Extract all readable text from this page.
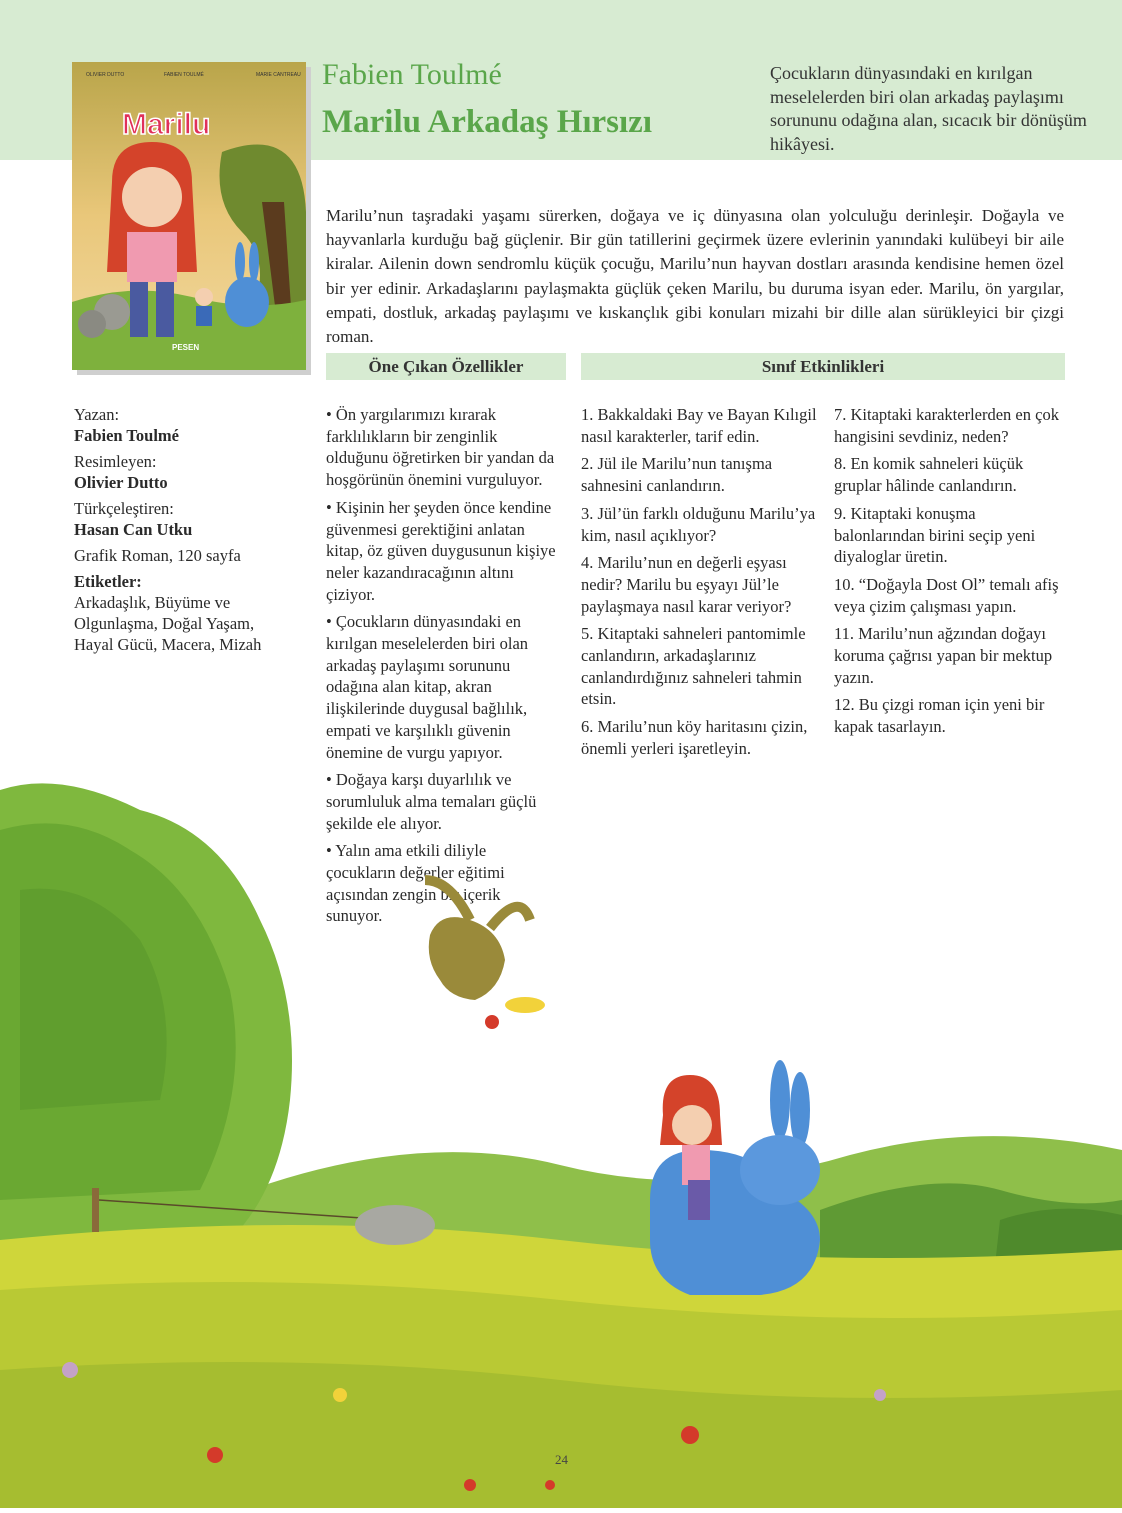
OLIVIER DUTTO	FABIEN TOULMÉ	MARIE CANTREAU
Marilu
PESEN
Fabien Toulmé
Marilu Arkadaş Hırsızı

Çocukların dünyasındaki en kırılgan meselelerden biri olan arkadaş paylaşımı sorununu odağına alan, sıcacık bir dönüşüm hikâyesi.

Marilu’nun taşradaki yaşamı sürerken, doğaya ve iç dünyasına olan yolculuğu derinleşir. Doğayla ve hayvanlarla kurduğu bağ güçlenir. Bir gün tatillerini geçirmek üzere evlerinin yanındaki kulübeyi bir aile kiralar. Ailenin down sendromlu küçük çocuğu, Marilu’nun hayvan dostları arasında kendisine hemen özel bir yer edinir. Arkadaşlarını paylaşmakta güçlük çeken Marilu, bu duruma isyan eder. Marilu, ön yargılar, empati, dostluk, arkadaş paylaşımı ve kıskançlık gibi konuları mizahi bir dille alan sürükleyici bir çizgi roman.

Öne Çıkan Özellikler	Sınıf Etkinlikleri
Yazan:
Fabien Toulmé
Resimleyen:
Olivier Dutto
Türkçeleştiren:
Hasan Can Utku
Grafik Roman, 120 sayfa
Etiketler:
Arkadaşlık, Büyüme ve Olgunlaşma, Doğal Yaşam, Hayal Gücü, Macera, Mizah

• Ön yargılarımızı kırarak farklılıkların bir zenginlik olduğunu öğretirken bir yandan da hoşgörünün önemini vurguluyor.

• Kişinin her şeyden önce kendine güvenmesi gerektiğini anlatan kitap, öz güven duygusunun kişiye neler kazandıracağının altını çiziyor.

• Çocukların dünyasındaki en kırılgan meselelerden biri olan arkadaş paylaşımı sorununu odağına alan kitap, akran ilişkilerinde duygusal bağlılık, empati ve karşılıklı güvenin önemine de vurgu yapıyor.

• Doğaya karşı duyarlılık ve sorumluluk alma temaları güçlü şekilde ele alıyor.

• Yalın ama etkili diliyle çocukların değerler eğitimi açısından zengin bir içerik sunuyor.

1. Bakkaldaki Bay ve Bayan Kılıgil nasıl karakterler, tarif edin.

2. Jül ile Marilu’nun tanışma sahnesini canlandırın.

3. Jül’ün farklı olduğunu Marilu’ya kim, nasıl açıklıyor?

4. Marilu’nun en değerli eşyası nedir? Marilu bu eşyayı Jül’le paylaşmaya nasıl karar veriyor?

5. Kitaptaki sahneleri pantomimle canlandırın, arkadaşlarınız canlandırdığınız sahneleri tahmin etsin.

6. Marilu’nun köy haritasını çizin, önemli yerleri işaretleyin.

7. Kitaptaki karakterlerden en çok hangisini sevdiniz, neden?

8. En komik sahneleri küçük gruplar hâlinde canlandırın.

9. Kitaptaki konuşma balonlarından birini seçip yeni diyaloglar üretin.

10. “Doğayla Dost Ol” temalı afiş veya çizim çalışması yapın.

11. Marilu’nun ağzından doğayı koruma çağrısı yapan bir mektup yazın.

12. Bu çizgi roman için yeni bir kapak tasarlayın.

24
